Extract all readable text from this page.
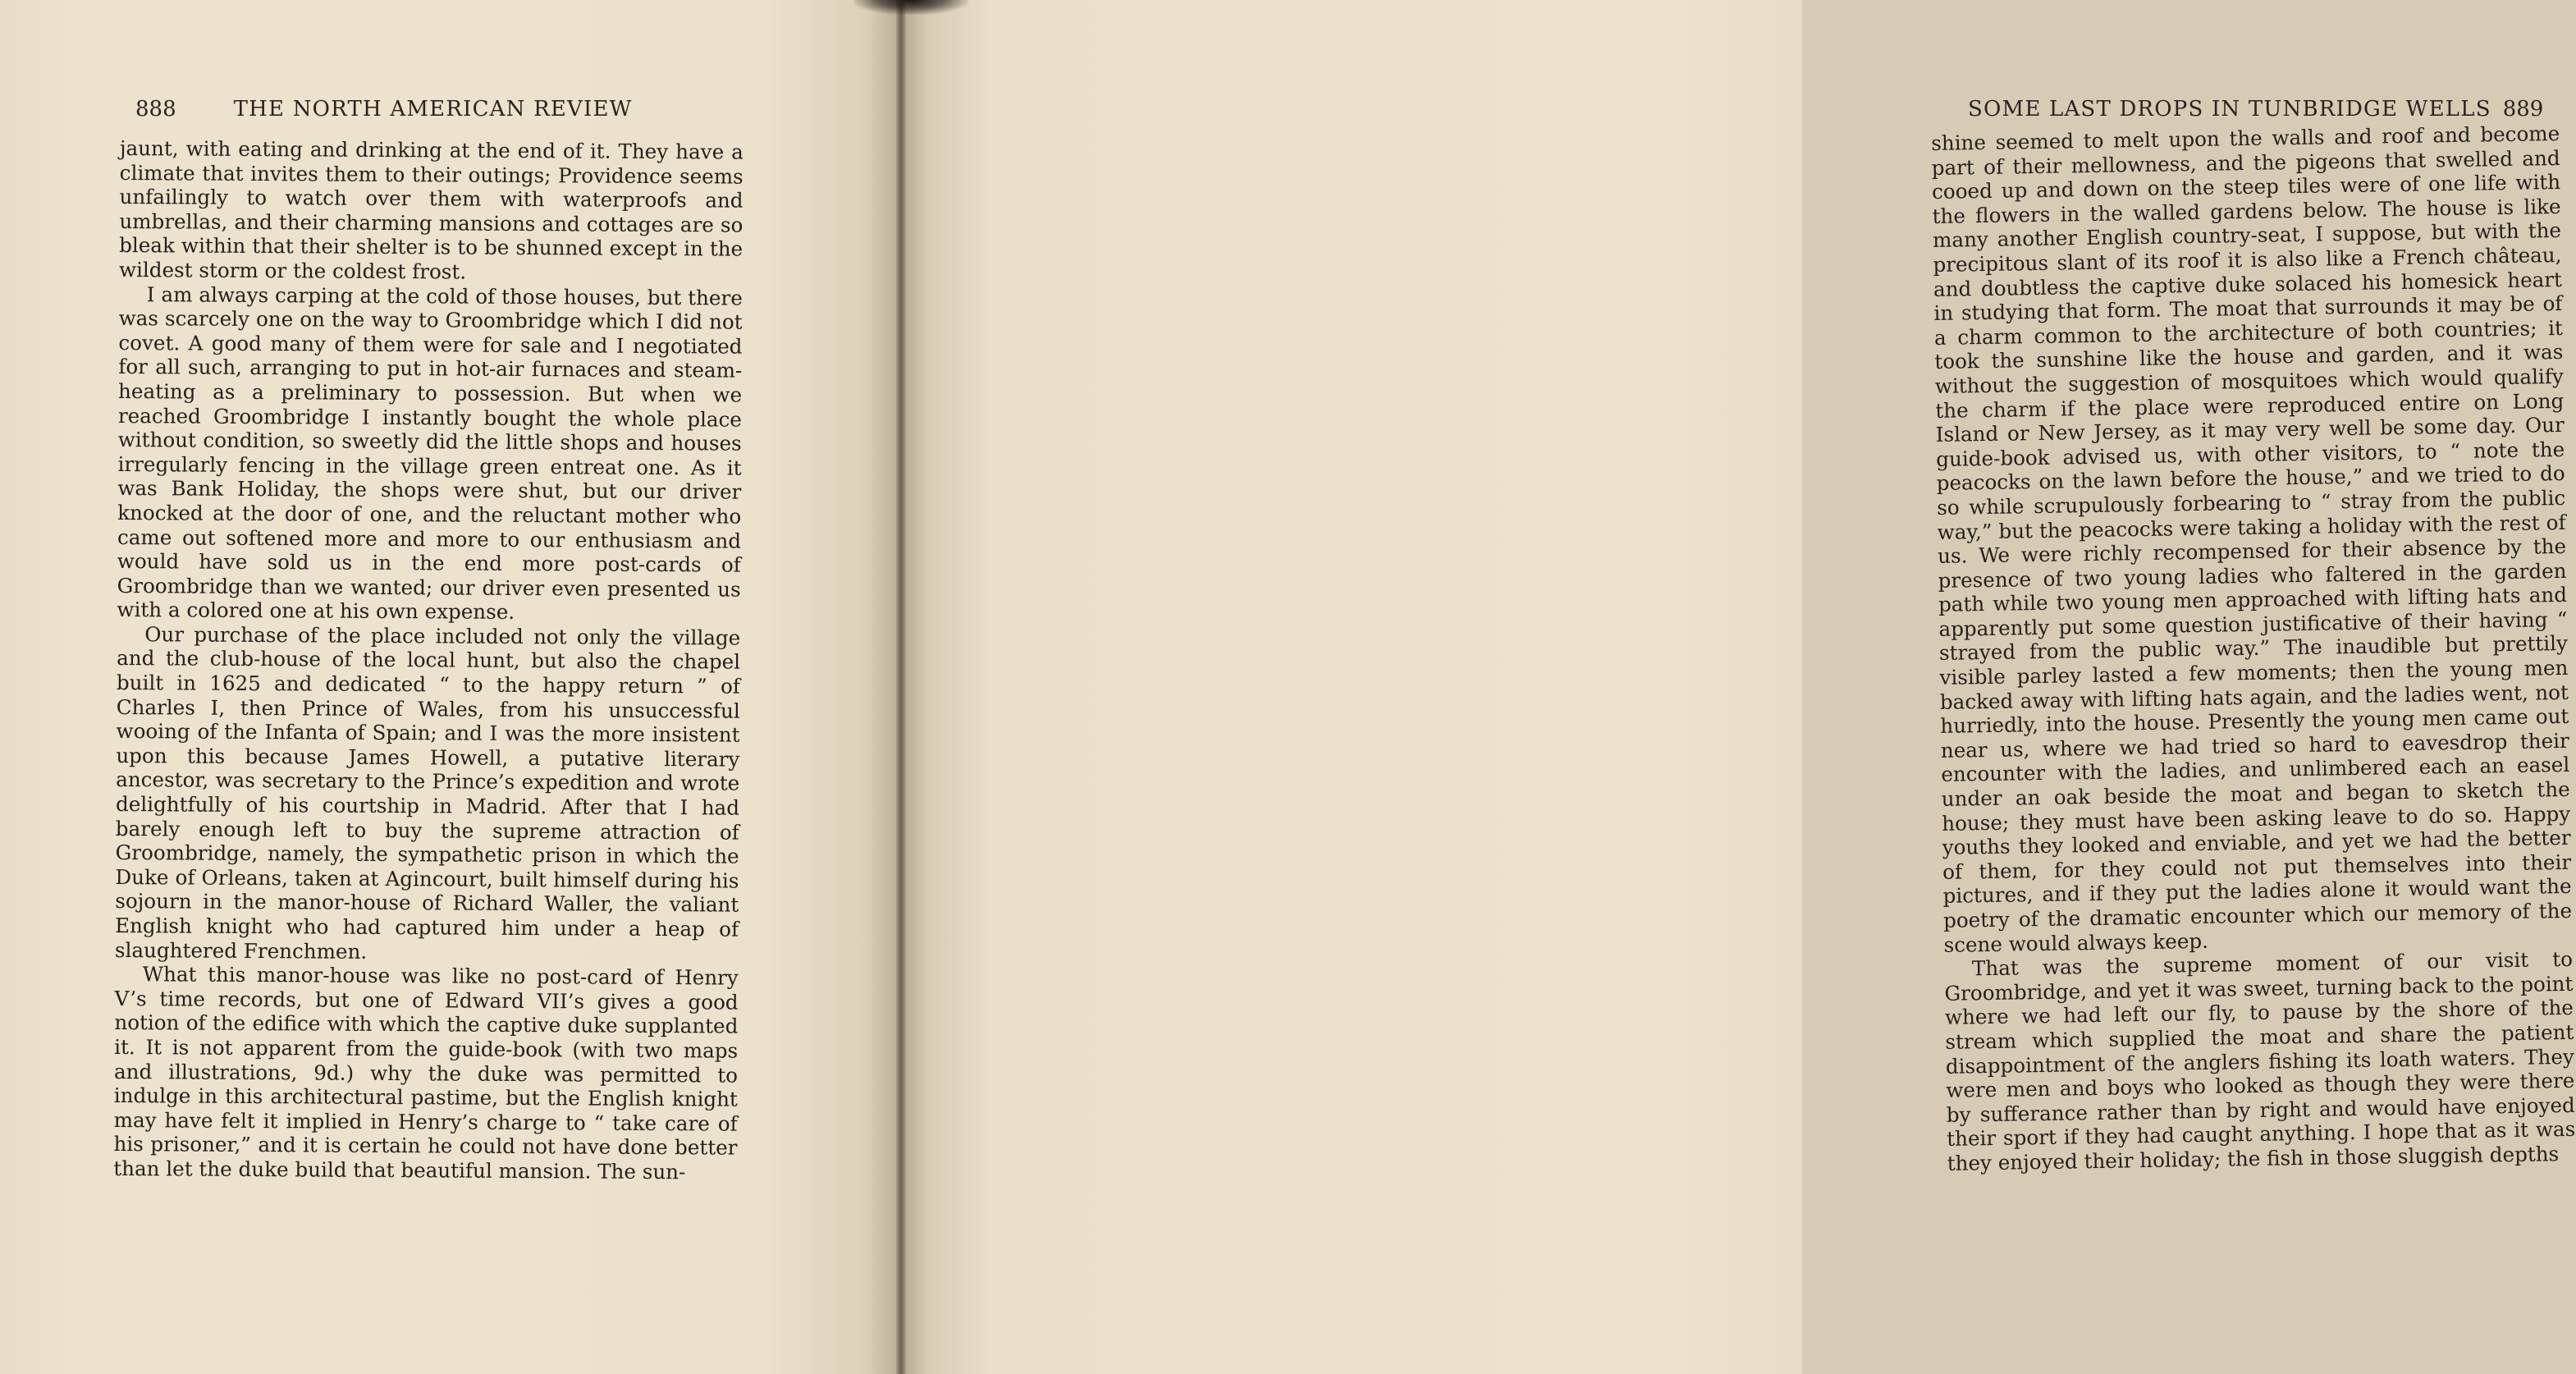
888	THE NORTH AMERICAN REVIEW

jaunt, with eating and drinking at the end of it. They have a climate that invites them to their outings; Providence seems unfailingly to watch over them with waterproofs and umbrellas, and their charming mansions and cottages are so bleak within that their shelter is to be shunned except in the wildest storm or the coldest frost.

I am always carping at the cold of those houses, but there was scarcely one on the way to Groombridge which I did not covet. A good many of them were for sale and I negotiated for all such, arranging to put in hot-air furnaces and steam-heating as a preliminary to possession. But when we reached Groombridge I instantly bought the whole place without condition, so sweetly did the little shops and houses irregularly fencing in the village green entreat one. As it was Bank Holiday, the shops were shut, but our driver knocked at the door of one, and the reluctant mother who came out softened more and more to our enthusiasm and would have sold us in the end more post-cards of Groombridge than we wanted; our driver even presented us with a colored one at his own expense.

Our purchase of the place included not only the village and the club-house of the local hunt, but also the chapel built in 1625 and dedicated “ to the happy return ” of Charles I, then Prince of Wales, from his unsuccessful wooing of the Infanta of Spain; and I was the more insistent upon this because James Howell, a putative literary ancestor, was secretary to the Prince’s expedition and wrote delightfully of his courtship in Madrid. After that I had barely enough left to buy the supreme attraction of Groombridge, namely, the sympathetic prison in which the Duke of Orleans, taken at Agincourt, built himself during his sojourn in the manor-house of Richard Waller, the valiant English knight who had captured him under a heap of slaughtered Frenchmen.

What this manor-house was like no post-card of Henry V’s time records, but one of Edward VII’s gives a good notion of the edifice with which the captive duke supplanted it. It is not apparent from the guide-book (with two maps and illustrations, 9d.) why the duke was permitted to indulge in this architectural pastime, but the English knight may have felt it implied in Henry’s charge to “ take care of his prisoner,” and it is certain he could not have done better than let the duke build that beautiful mansion. The sun-

SOME LAST DROPS IN TUNBRIDGE WELLS 889

shine seemed to melt upon the walls and roof and become part of their mellowness, and the pigeons that swelled and cooed up and down on the steep tiles were of one life with the flowers in the walled gardens below. The house is like many another English country-seat, I suppose, but with the precipitous slant of its roof it is also like a French château, and doubtless the captive duke solaced his homesick heart in studying that form. The moat that surrounds it may be of a charm common to the architecture of both countries; it took the sunshine like the house and garden, and it was without the suggestion of mosquitoes which would qualify the charm if the place were reproduced entire on Long Island or New Jersey, as it may very well be some day. Our guide-book advised us, with other visitors, to “ note the peacocks on the lawn before the house,” and we tried to do so while scrupulously forbearing to “ stray from the public way,” but the peacocks were taking a holiday with the rest of us. We were richly recompensed for their absence by the presence of two young ladies who faltered in the garden path while two young men approached with lifting hats and apparently put some question justificative of their having “ strayed from the public way.” The inaudible but prettily visible parley lasted a few moments; then the young men backed away with lifting hats again, and the ladies went, not hurriedly, into the house. Presently the young men came out near us, where we had tried so hard to eavesdrop their encounter with the ladies, and unlimbered each an easel under an oak beside the moat and began to sketch the house; they must have been asking leave to do so. Happy youths they looked and enviable, and yet we had the better of them, for they could not put themselves into their pictures, and if they put the ladies alone it would want the poetry of the dramatic encounter which our memory of the scene would always keep.

That was the supreme moment of our visit to Groombridge, and yet it was sweet, turning back to the point where we had left our fly, to pause by the shore of the stream which supplied the moat and share the patient disappointment of the anglers fishing its loath waters. They were men and boys who looked as though they were there by sufferance rather than by right and would have enjoyed their sport if they had caught anything. I hope that as it was they enjoyed their holiday; the fish in those sluggish depths
